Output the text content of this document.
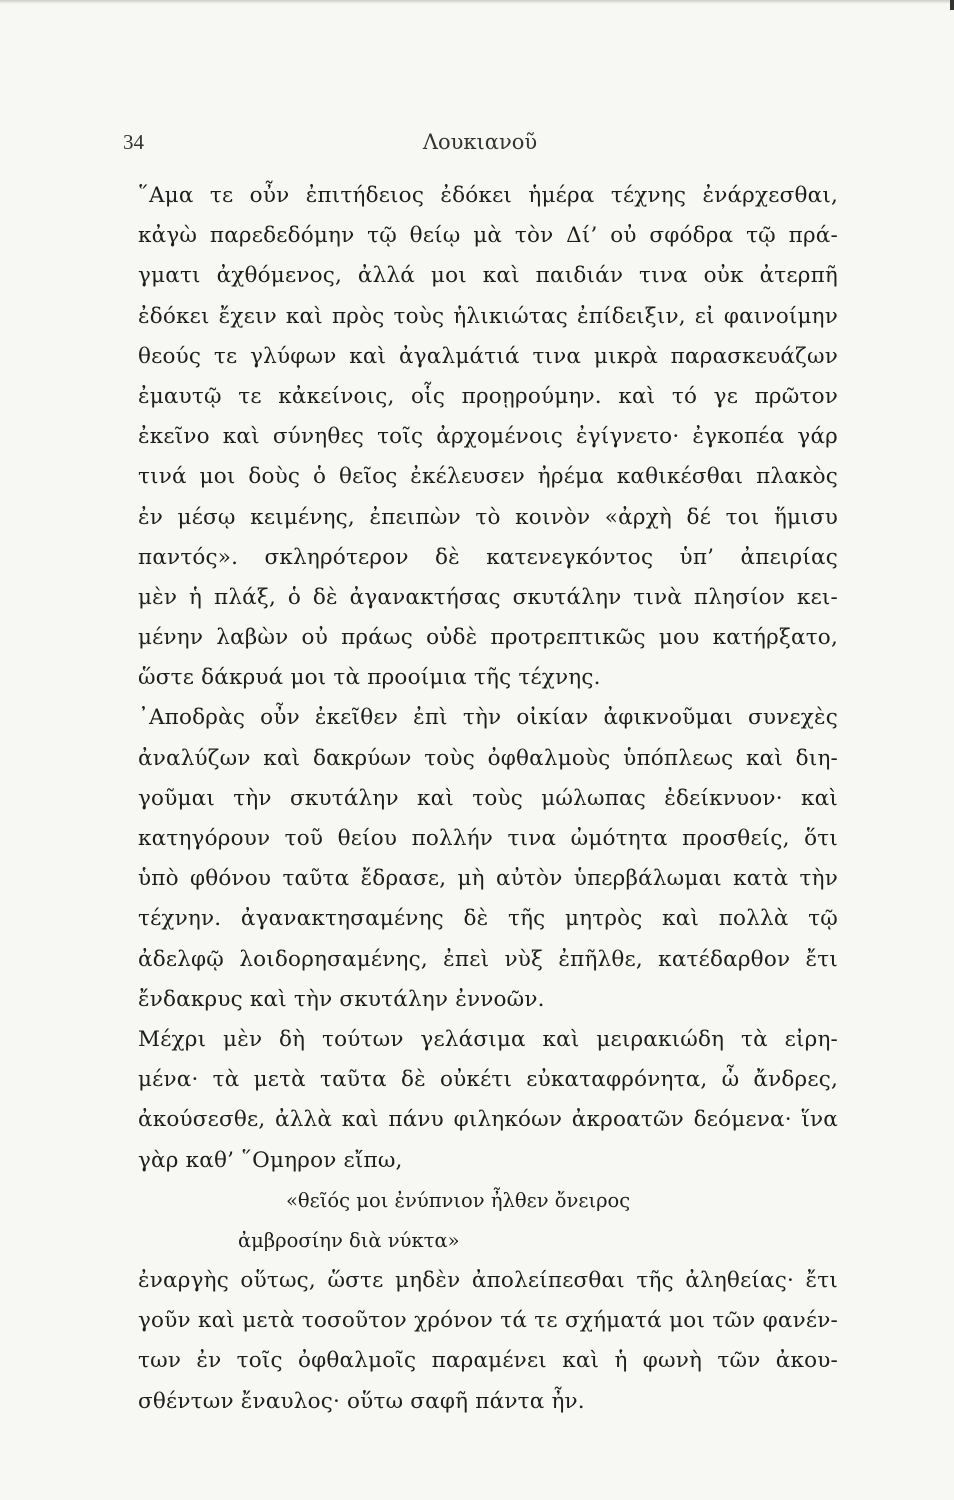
34	Λουκιανοῦ
῞Αμα τε οὖν ἐπιτήδειος ἐδόκει ἡμέρα τέχνης ἐνάρχεσθαι,
κἀγὼ παρεδεδόμην τῷ θείῳ μὰ τὸν Δί’ οὐ σφόδρα τῷ πρά-
γματι ἀχθόμενος, ἀλλά μοι καὶ παιδιάν τινα οὐκ ἀτερπῆ
ἐδόκει ἔχειν καὶ πρὸς τοὺς ἡλικιώτας ἐπίδειξιν, εἰ φαινοίμην
θεούς τε γλύφων καὶ ἀγαλμάτιά τινα μικρὰ παρασκευάζων
ἐμαυτῷ τε κἀκείνοις, οἷς προῃρούμην. καὶ τό γε πρῶτον
ἐκεῖνο καὶ σύνηθες τοῖς ἀρχομένοις ἐγίγνετο· ἐγκοπέα γάρ
τινά μοι δοὺς ὁ θεῖος ἐκέλευσεν ἠρέμα καθικέσθαι πλακὸς
ἐν μέσῳ κειμένης, ἐπειπὼν τὸ κοινὸν «ἀρχὴ δέ τοι ἥμισυ
παντός». σκληρότερον δὲ κατενεγκόντος ὑπ’ ἀπειρίας
μὲν ἡ πλάξ, ὁ δὲ ἀγανακτήσας σκυτάλην τινὰ πλησίον κει-
μένην λαβὼν οὐ πράως οὐδὲ προτρεπτικῶς μου κατήρξατο,
ὥστε δάκρυά μοι τὰ προοίμια τῆς τέχνης.
᾿Αποδρὰς οὖν ἐκεῖθεν ἐπὶ τὴν οἰκίαν ἀφικνοῦμαι συνεχὲς
ἀναλύζων καὶ δακρύων τοὺς ὀφθαλμοὺς ὑπόπλεως καὶ διη-
γοῦμαι τὴν σκυτάλην καὶ τοὺς μώλωπας ἐδείκνυον· καὶ
κατηγόρουν τοῦ θείου πολλήν τινα ὠμότητα προσθείς, ὅτι
ὑπὸ φθόνου ταῦτα ἔδρασε, μὴ αὐτὸν ὑπερβάλωμαι κατὰ τὴν
τέχνην. ἀγανακτησαμένης δὲ τῆς μητρὸς καὶ πολλὰ τῷ
ἀδελφῷ λοιδορησαμένης, ἐπεὶ νὺξ ἐπῆλθε, κατέδαρθον ἔτι
ἔνδακρυς καὶ τὴν σκυτάλην ἐννοῶν.
Μέχρι μὲν δὴ τούτων γελάσιμα καὶ μειρακιώδη τὰ εἰρη-
μένα· τὰ μετὰ ταῦτα δὲ οὐκέτι εὐκαταφρόνητα, ὦ ἄνδρες,
ἀκούσεσθε, ἀλλὰ καὶ πάνυ φιληκόων ἀκροατῶν δεόμενα· ἵνα
γὰρ καθ’ ῞Ομηρον εἴπω,
«θεῖός μοι ἐνύπνιον ἦλθεν ὄνειρος
ἀμβροσίην διὰ νύκτα»
ἐναργὴς οὕτως, ὥστε μηδὲν ἀπολείπεσθαι τῆς ἀληθείας· ἔτι
γοῦν καὶ μετὰ τοσοῦτον χρόνον τά τε σχήματά μοι τῶν φανέν-
των ἐν τοῖς ὀφθαλμοῖς παραμένει καὶ ἡ φωνὴ τῶν ἀκου-
σθέντων ἔναυλος· οὕτω σαφῆ πάντα ἦν.
